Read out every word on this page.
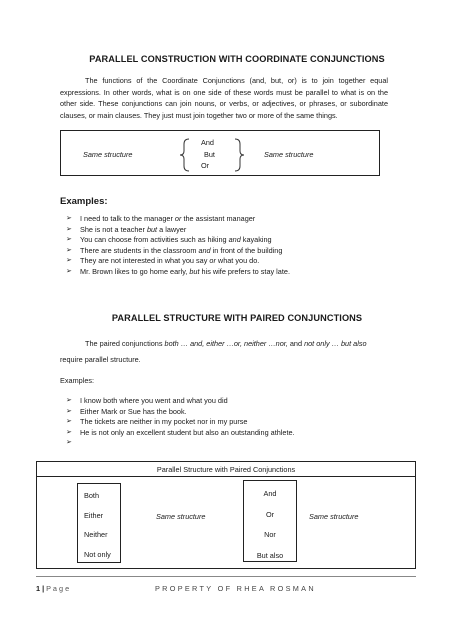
PARALLEL CONSTRUCTION WITH COORDINATE CONJUNCTIONS
The functions of the Coordinate Conjunctions (and, but, or) is to join together equal expressions. In other words, what is on one side of these words must be parallel to what is on the other side. These conjunctions can join nouns, or verbs, or adjectives, or phrases, or subordinate clauses, or main clauses. They just must join together two or more of the same things.
Same structure
And
But
Or
Same structure
Examples:
➢ I need to talk to the manager or the assistant manager
➢ She is not a teacher but a lawyer
➢ You can choose from activities such as hiking and kayaking
➢ There are students in the classroom and in front of the building
➢ They are not interested in what you say or what you do.
➢ Mr. Brown likes to go home early, but his wife prefers to stay late.
PARALLEL STRUCTURE WITH PAIRED CONJUNCTIONS
The paired conjunctions both … and, either …or, neither …nor, and not only … but also require parallel structure.
Examples:
➢ I know both where you went and what you did
➢ Either Mark or Sue has the book.
➢ The tickets are neither in my pocket nor in my purse
➢ He is not only an excellent student but also an outstanding athlete.
➢
Parallel Structure with Paired Conjunctions
Both
Either
Neither
Not only
Same structure
And
Or
Nor
But also
Same structure
1 | P a g e	PROPERTY OF RHEA ROSMAN
